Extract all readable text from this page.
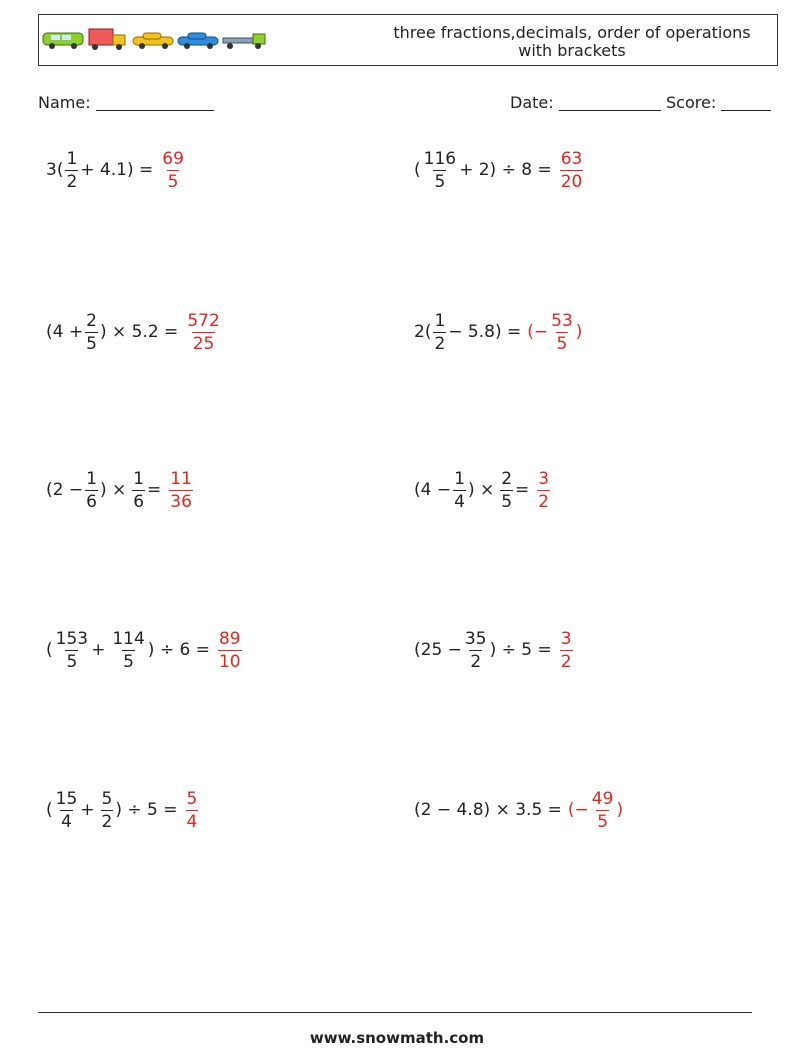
three fractions,decimals, order of operations
with brackets
Name:	Date:	Score:
$3( \frac{1}{2} + 4.1) = \frac{69}{5}$	( $\frac{116}{5} + 2) \div 8 = \frac{63}{20}$
($4 + \frac{2}{5}$ ) × $5.2 = \frac{572}{25}$	$2( \frac{1}{2} - 5.8)$ = (− $\frac{53}{5}$ )
($2 - \frac{1}{6}$ ) × $\frac{1}{6} = \frac{11}{36}$	($4 - \frac{1}{4}$ ) × $\frac{2}{5} = \frac{3}{2}$
( $\frac{153}{5} + \frac{114}{5}$ ) ÷ $6 = \frac{89}{10}$	($25 - \frac{35}{2}$ ) ÷ $5 = \frac{3}{2}$
( $\frac{15}{4} + \frac{5}{2}$ ) ÷ $5 = \frac{5}{4}$	(2 − 4.8) × 3.5 = (− $\frac{49}{5}$ )
www.snowmath.com
